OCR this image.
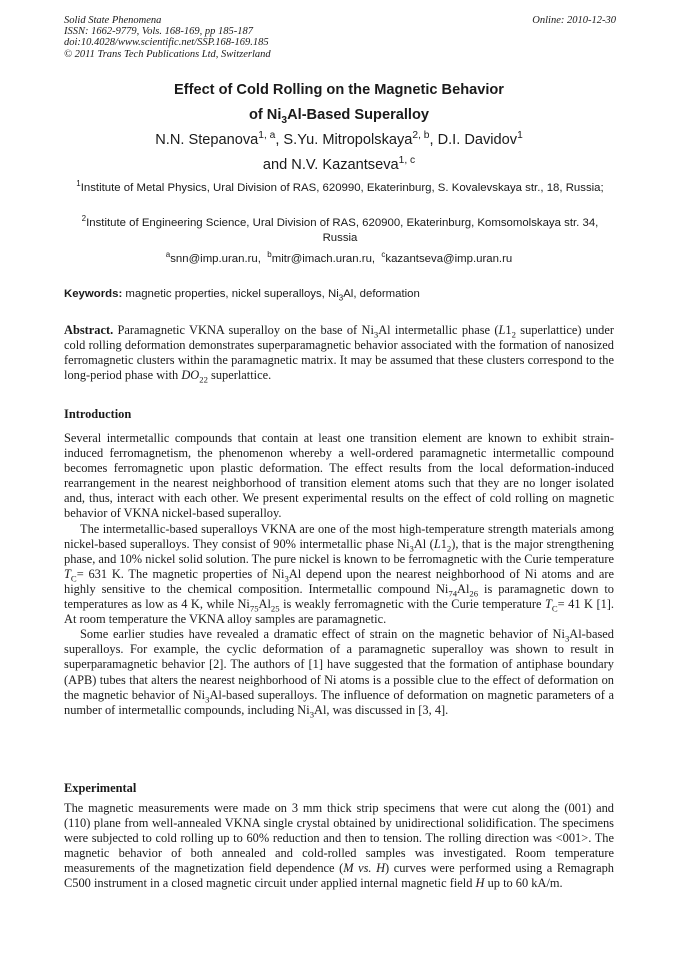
Solid State Phenomena
ISSN: 1662-9779, Vols. 168-169, pp 185-187
doi:10.4028/www.scientific.net/SSP.168-169.185
© 2011 Trans Tech Publications Ltd, Switzerland
Online: 2010-12-30
Effect of Cold Rolling on the Magnetic Behavior
of $Ni_3Al$-Based Superalloy
N.N. Stepanova$^{1, a}$, S.Yu. Mitropolskaya$^{2, b}$, D.I. Davidov$^1$
and N.V. Kazantseva$^{1, c}$
$^1$Institute of Metal Physics, Ural Division of RAS, 620990, Ekaterinburg, S. Kovalevskaya str., 18, Russia;
$^2$Institute of Engineering Science, Ural Division of RAS, 620900, Ekaterinburg, Komsomolskaya str. 34, Russia
$^a$snn@imp.uran.ru, $^b$mitr@imach.uran.ru, $^c$kazantseva@imp.uran.ru
Keywords: magnetic properties, nickel superalloys, $Ni_3Al$, deformation
Abstract. Paramagnetic VKNA superalloy on the base of $Ni_3Al$ intermetallic phase ($L1_2$ superlattice) under cold rolling deformation demonstrates superparamagnetic behavior associated with the formation of nanosized ferromagnetic clusters within the paramagnetic matrix. It may be assumed that these clusters correspond to the long-period phase with $DO_{22}$ superlattice.
Introduction

Several intermetallic compounds that contain at least one transition element are known to exhibit strain-induced ferromagnetism, the phenomenon whereby a well-ordered paramagnetic intermetallic compound becomes ferromagnetic upon plastic deformation. The effect results from the local deformation-induced rearrangement in the nearest neighborhood of transition element atoms such that they are no longer isolated and, thus, interact with each other. We present experimental results on the effect of cold rolling on magnetic behavior of VKNA nickel-based superalloy.

The intermetallic-based superalloys VKNA are one of the most high-temperature strength materials among nickel-based superalloys. They consist of 90% intermetallic phase $Ni_3Al$ $(L1_2)$, that is the major strengthening phase, and 10% nickel solid solution. The pure nickel is known to be ferromagnetic with the Curie temperature $T_C= 631$ K. The magnetic properties of $Ni_3Al$ depend upon the nearest neighborhood of Ni atoms and are highly sensitive to the chemical composition. Intermetallic compound $Ni_{74}Al_{26}$ is paramagnetic down to temperatures as low as 4 K, while $Ni_{75}Al_{25}$ is weakly ferromagnetic with the Curie temperature $T_C= 41$ K [1]. At room temperature the VKNA alloy samples are paramagnetic.

Some earlier studies have revealed a dramatic effect of strain on the magnetic behavior of $Ni_3Al$-based superalloys. For example, the cyclic deformation of a paramagnetic superalloy was shown to result in superparamagnetic behavior [2]. The authors of [1] have suggested that the formation of antiphase boundary (APB) tubes that alters the nearest neighborhood of Ni atoms is a possible clue to the effect of deformation on the magnetic behavior of $Ni_3Al$-based superalloys. The influence of deformation on magnetic parameters of a number of intermetallic compounds, including $Ni_3Al$, was discussed in [3, 4].

Experimental

The magnetic measurements were made on 3 mm thick strip specimens that were cut along the (001) and (110) plane from well-annealed VKNA single crystal obtained by unidirectional solidification. The specimens were subjected to cold rolling up to 60% reduction and then to tension. The rolling direction was <001>. The magnetic behavior of both annealed and cold-rolled samples was investigated. Room temperature measurements of the magnetization field dependence (M vs. H) curves were performed using a Remagraph C500 instrument in a closed magnetic circuit under applied internal magnetic field H up to 60 kA/m.
